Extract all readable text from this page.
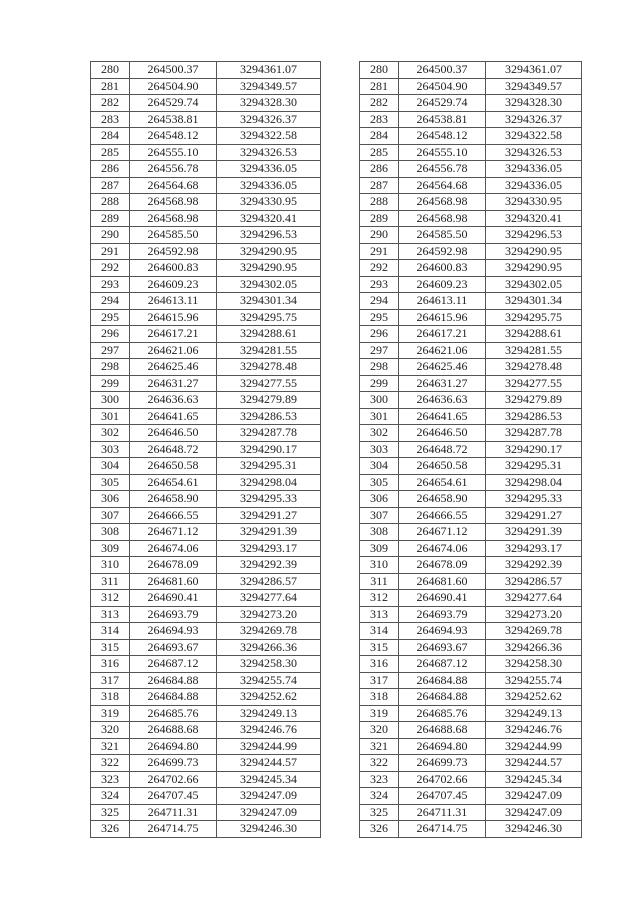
280	264500.37	3294361.07
281	264504.90	3294349.57
282	264529.74	3294328.30
283	264538.81	3294326.37
284	264548.12	3294322.58
285	264555.10	3294326.53
286	264556.78	3294336.05
287	264564.68	3294336.05
288	264568.98	3294330.95
289	264568.98	3294320.41
290	264585.50	3294296.53
291	264592.98	3294290.95
292	264600.83	3294290.95
293	264609.23	3294302.05
294	264613.11	3294301.34
295	264615.96	3294295.75
296	264617.21	3294288.61
297	264621.06	3294281.55
298	264625.46	3294278.48
299	264631.27	3294277.55
300	264636.63	3294279.89
301	264641.65	3294286.53
302	264646.50	3294287.78
303	264648.72	3294290.17
304	264650.58	3294295.31
305	264654.61	3294298.04
306	264658.90	3294295.33
307	264666.55	3294291.27
308	264671.12	3294291.39
309	264674.06	3294293.17
310	264678.09	3294292.39
311	264681.60	3294286.57
312	264690.41	3294277.64
313	264693.79	3294273.20
314	264694.93	3294269.78
315	264693.67	3294266.36
316	264687.12	3294258.30
317	264684.88	3294255.74
318	264684.88	3294252.62
319	264685.76	3294249.13
320	264688.68	3294246.76
321	264694.80	3294244.99
322	264699.73	3294244.57
323	264702.66	3294245.34
324	264707.45	3294247.09
325	264711.31	3294247.09
326	264714.75	3294246.30
280	264500.37	3294361.07
281	264504.90	3294349.57
282	264529.74	3294328.30
283	264538.81	3294326.37
284	264548.12	3294322.58
285	264555.10	3294326.53
286	264556.78	3294336.05
287	264564.68	3294336.05
288	264568.98	3294330.95
289	264568.98	3294320.41
290	264585.50	3294296.53
291	264592.98	3294290.95
292	264600.83	3294290.95
293	264609.23	3294302.05
294	264613.11	3294301.34
295	264615.96	3294295.75
296	264617.21	3294288.61
297	264621.06	3294281.55
298	264625.46	3294278.48
299	264631.27	3294277.55
300	264636.63	3294279.89
301	264641.65	3294286.53
302	264646.50	3294287.78
303	264648.72	3294290.17
304	264650.58	3294295.31
305	264654.61	3294298.04
306	264658.90	3294295.33
307	264666.55	3294291.27
308	264671.12	3294291.39
309	264674.06	3294293.17
310	264678.09	3294292.39
311	264681.60	3294286.57
312	264690.41	3294277.64
313	264693.79	3294273.20
314	264694.93	3294269.78
315	264693.67	3294266.36
316	264687.12	3294258.30
317	264684.88	3294255.74
318	264684.88	3294252.62
319	264685.76	3294249.13
320	264688.68	3294246.76
321	264694.80	3294244.99
322	264699.73	3294244.57
323	264702.66	3294245.34
324	264707.45	3294247.09
325	264711.31	3294247.09
326	264714.75	3294246.30
